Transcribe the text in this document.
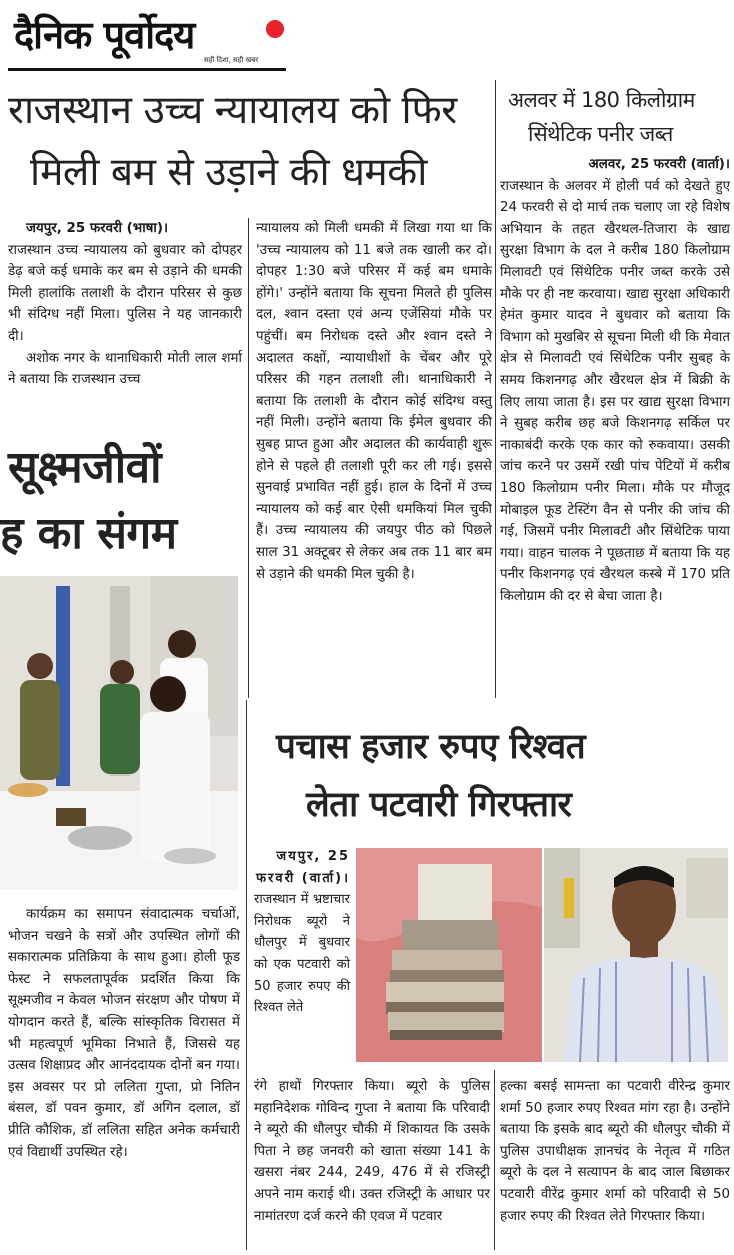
दैनिक पूर्वोदय
सही दिशा, सही खबर
राजस्थान उच्च न्यायालय को फिर
मिली बम से उड़ाने की धमकी

जयपुर, 25 फरवरी (भाषा)।

राजस्थान उच्च न्यायालय को बुधवार को दोपहर डेढ़ बजे कई धमाके कर बम से उड़ाने की धमकी मिली हालांकि तलाशी के दौरान परिसर से कुछ भी संदिग्ध नहीं मिला। पुलिस ने यह जानकारी दी।

अशोक नगर के थानाधिकारी मोती लाल शर्मा ने बताया कि राजस्थान उच्च

न्यायालय को मिली धमकी में लिखा गया था कि 'उच्च न्यायालय को 11 बजे तक खाली कर दो। दोपहर 1:30 बजे परिसर में कई बम धमाके होंगे।' उन्होंने बताया कि सूचना मिलते ही पुलिस दल, श्वान दस्ता एवं अन्य एजेंसियां मौके पर पहुंचीं। बम निरोधक दस्ते और श्वान दस्ते ने अदालत कक्षों, न्यायाधीशों के चेंबर और पूरे परिसर की गहन तलाशी ली। थानाधिकारी ने बताया कि तलाशी के दौरान कोई संदिग्ध वस्तु नहीं मिली। उन्होंने बताया कि ईमेल बुधवार की सुबह प्राप्त हुआ और अदालत की कार्यवाही शुरू होने से पहले ही तलाशी पूरी कर ली गई। इससे सुनवाई प्रभावित नहीं हुई। हाल के दिनों में उच्च न्यायालय को कई बार ऐसी धमकियां मिल चुकी हैं। उच्च न्यायालय की जयपुर पीठ को पिछले साल 31 अक्टूबर से लेकर अब तक 11 बार बम से उड़ाने की धमकी मिल चुकी है।

अलवर में 180 किलोग्राम
सिंथेटिक पनीर जब्त

अलवर, 25 फरवरी (वार्ता)।

राजस्थान के अलवर में होली पर्व को देखते हुए 24 फरवरी से दो मार्च तक चलाए जा रहे विशेष अभियान के तहत खैरथल-तिजारा के खाद्य सुरक्षा विभाग के दल ने करीब 180 किलोग्राम मिलावटी एवं सिंथेटिक पनीर जब्त करके उसे मौके पर ही नष्ट करवाया। खाद्य सुरक्षा अधिकारी हेमंत कुमार यादव ने बुधवार को बताया कि विभाग को मुखबिर से सूचना मिली थी कि मेवात क्षेत्र से मिलावटी एवं सिंथेटिक पनीर सुबह के समय किशनगढ़ और खैरथल क्षेत्र में बिक्री के लिए लाया जाता है। इस पर खाद्य सुरक्षा विभाग ने सुबह करीब छह बजे किशनगढ़ सर्किल पर नाकाबंदी करके एक कार को रुकवाया। उसकी जांच करने पर उसमें रखी पांच पेटियों में करीब 180 किलोग्राम पनीर मिला। मौके पर मौजूद मोबाइल फूड टेस्टिंग वैन से पनीर की जांच की गई, जिसमें पनीर मिलावटी और सिंथेटिक पाया गया। वाहन चालक ने पूछताछ में बताया कि यह पनीर किशनगढ़ एवं खैरथल कस्बे में 170 प्रति किलोग्राम की दर से बेचा जाता है।

सूक्ष्मजीवों
ह का संगम

कार्यक्रम का समापन संवादात्मक चर्चाओं, भोजन चखने के सत्रों और उपस्थित लोगों की सकारात्मक प्रतिक्रिया के साथ हुआ। होली फूड फेस्ट ने सफलतापूर्वक प्रदर्शित किया कि सूक्ष्मजीव न केवल भोजन संरक्षण और पोषण में योगदान करते हैं, बल्कि सांस्कृतिक विरासत में भी महत्वपूर्ण भूमिका निभाते हैं, जिससे यह उत्सव शिक्षाप्रद और आनंददायक दोनों बन गया। इस अवसर पर प्रो ललिता गुप्ता, प्रो नितिन बंसल, डॉ पवन कुमार, डॉ अगिन दलाल, डॉ प्रीति कौशिक, डॉ ललिता सहित अनेक कर्मचारी एवं विद्यार्थी उपस्थित रहे।

पचास हजार रुपए रिश्वत
लेता पटवारी गिरफ्तार

जयपुर, 25 फरवरी (वार्ता)।

राजस्थान में भ्रष्टाचार निरोधक ब्यूरो ने धौलपुर में बुधवार को एक पटवारी को 50 हजार रुपए की रिश्वत लेते

रंगे हाथों गिरफ्तार किया। ब्यूरो के पुलिस महानिदेशक गोविन्द गुप्ता ने बताया कि परिवादी ने ब्यूरो की धौलपुर चौकी में शिकायत कि उसके पिता ने छह जनवरी को खाता संख्या 141 के खसरा नंबर 244, 249, 476 में से रजिस्ट्री अपने नाम कराई थी। उक्त रजिस्ट्री के आधार पर नामांतरण दर्ज करने की एवज में पटवार

हल्का बसई सामन्ता का पटवारी वीरेन्द्र कुमार शर्मा 50 हजार रुपए रिश्वत मांग रहा है। उन्होंने बताया कि इसके बाद ब्यूरो की धौलपुर चौकी में पुलिस उपाधीक्षक ज्ञानचंद के नेतृत्व में गठित ब्यूरो के दल ने सत्यापन के बाद जाल बिछाकर पटवारी वीरेंद्र कुमार शर्मा को परिवादी से 50 हजार रुपए की रिश्वत लेते गिरफ्तार किया।
